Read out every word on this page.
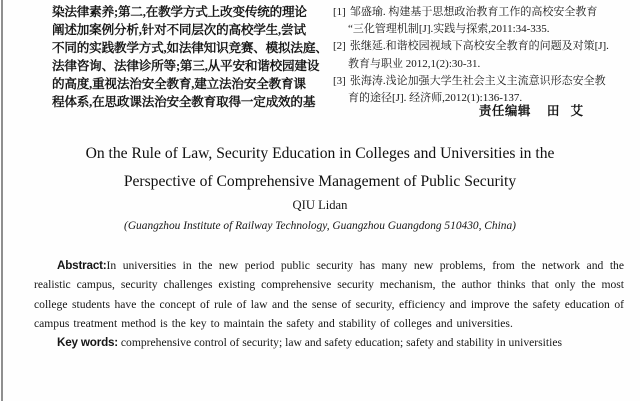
染法律素养;第二,在教学方式上改变传统的理论
阐述加案例分析,针对不同层次的高校学生,尝试
不同的实践教学方式,如法律知识竞赛、模拟法庭、
法律咨询、法律诊所等;第三,从平安和谐校园建设
的高度,重视法治安全教育,建立法治安全教育课
程体系,在思政课法治安全教育取得一定成效的基
[1] 邹盛瑜. 构建基于思想政治教育工作的高校安全教育
“三化管理机制[J].实践与探索,2011:34-335.
[2] 张继延.和谐校园视域下高校安全教育的问题及对策[J].
教育与职业 2012,1(2):30-31.
[3] 张海涛.浅论加强大学生社会主义主流意识形态安全教
育的途径[J]. 经济师,2012(1):136-137.
责任编辑 田 艾
On the Rule of Law, Security Education in Colleges and Universities in the
Perspective of Comprehensive Management of Public Security
QIU Lidan
(Guangzhou Institute of Railway Technology, Guangzhou Guangdong 510430, China)

Abstract:In universities in the new period public security has many new problems, from the network and the realistic campus, security challenges existing comprehensive security mechanism, the author thinks that only the most college students have the concept of rule of law and the sense of security, efficiency and improve the safety education of campus treatment method is the key to maintain the safety and stability of colleges and universities.

Key words: comprehensive control of security; law and safety education; safety and stability in universities
